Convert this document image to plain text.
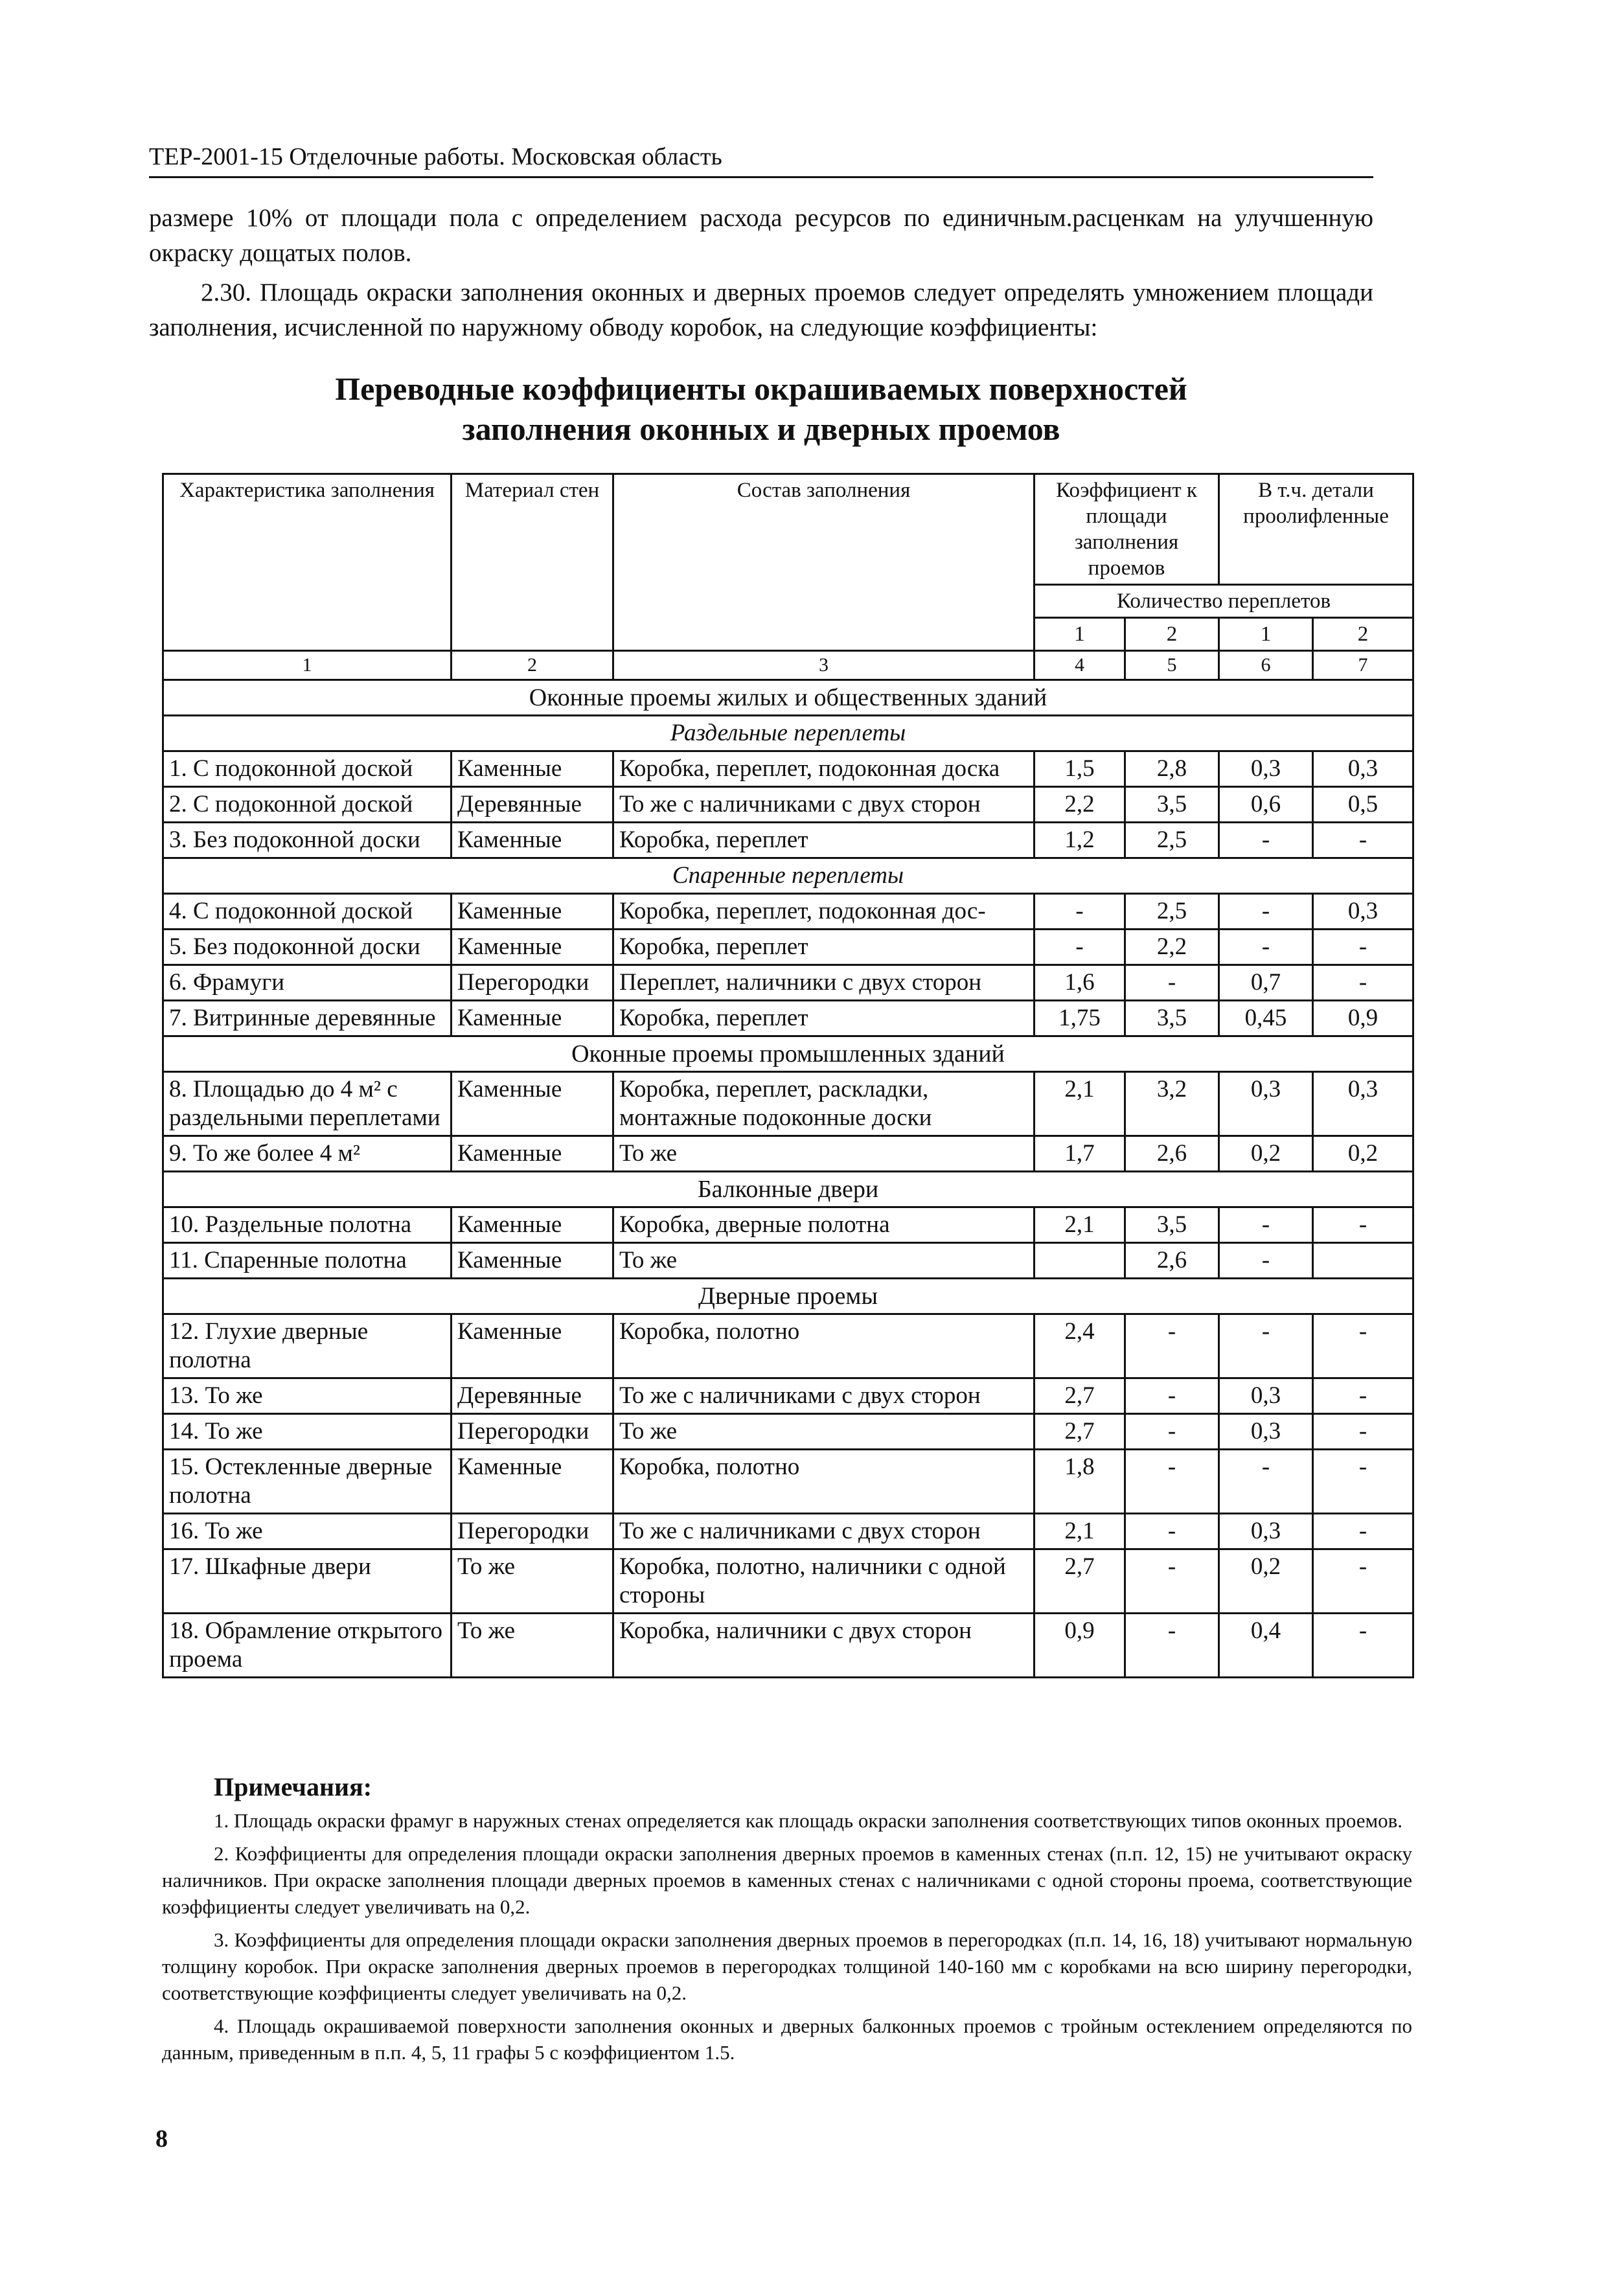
ТЕР-2001-15 Отделочные работы. Московская область
размере 10% от площади пола с определением расхода ресурсов по единичным.расценкам на улучшенную окраску дощатых полов.
2.30. Площадь окраски заполнения оконных и дверных проемов следует определять умножением площади заполнения, исчисленной по наружному обводу коробок, на следующие коэффициенты:
Переводные коэффициенты окрашиваемых поверхностей
заполнения оконных и дверных проемов
Характеристика заполнения	Материал стен	Состав заполнения	Коэффициент к площади заполнения проемов		В т.ч. детали проолифленные	
			Количество переплетов			
			1	2	1	2
1	2	3	4	5	6	7
Оконные проемы жилых и общественных зданий						
Раздельные переплеты						
1. С подоконной доской	Каменные	Коробка, переплет, подоконная доска	1,5	2,8	0,3	0,3
2. С подоконной доской	Деревянные	То же с наличниками с двух сторон	2,2	3,5	0,6	0,5
3. Без подоконной доски	Каменные	Коробка, переплет	1,2	2,5	-	-
Спаренные переплеты						
4. С подоконной доской	Каменные	Коробка, переплет, подоконная дос-	-	2,5	-	0,3
5. Без подоконной доски	Каменные	Коробка, переплет	-	2,2	-	-
6. Фрамуги	Перегородки	Переплет, наличники с двух сторон	1,6	-	0,7	-
7. Витринные деревянные	Каменные	Коробка, переплет	1,75	3,5	0,45	0,9
Оконные проемы промышленных зданий						
8. Площадью до 4 м² с раздельными переплетами	Каменные	Коробка, переплет, раскладки, монтажные подоконные доски	2,1	3,2	0,3	0,3
9. То же более 4 м²	Каменные	То же	1,7	2,6	0,2	0,2
Балконные двери						
10. Раздельные полотна	Каменные	Коробка, дверные полотна	2,1	3,5	-	-
11. Спаренные полотна	Каменные	То же		2,6	-	
Дверные проемы						
12. Глухие дверные полотна	Каменные	Коробка, полотно	2,4	-	-	-
13. То же	Деревянные	То же с наличниками с двух сторон	2,7	-	0,3	-
14. То же	Перегородки	То же	2,7	-	0,3	-
15. Остекленные дверные полотна	Каменные	Коробка, полотно	1,8	-	-	-
16. То же	Перегородки	То же с наличниками с двух сторон	2,1	-	0,3	-
17. Шкафные двери	То же	Коробка, полотно, наличники с одной стороны	2,7	-	0,2	-
18. Обрамление открытого проема	То же	Коробка, наличники с двух сторон	0,9	-	0,4	-
Примечания:

1. Площадь окраски фрамуг в наружных стенах определяется как площадь окраски заполнения соответствующих типов оконных проемов.

2. Коэффициенты для определения площади окраски заполнения дверных проемов в каменных стенах (п.п. 12, 15) не учитывают окраску наличников. При окраске заполнения площади дверных проемов в каменных стенах с наличниками с одной стороны проема, соответствующие коэффициенты следует увеличивать на 0,2.

3. Коэффициенты для определения площади окраски заполнения дверных проемов в перегородках (п.п. 14, 16, 18) учитывают нормальную толщину коробок. При окраске заполнения дверных проемов в перегородках толщиной 140-160 мм с коробками на всю ширину перегородки, соответствующие коэффициенты следует увеличивать на 0,2.

4. Площадь окрашиваемой поверхности заполнения оконных и дверных балконных проемов с тройным остеклением определяются по данным, приведенным в п.п. 4, 5, 11 графы 5 с коэффициентом 1.5.

8
